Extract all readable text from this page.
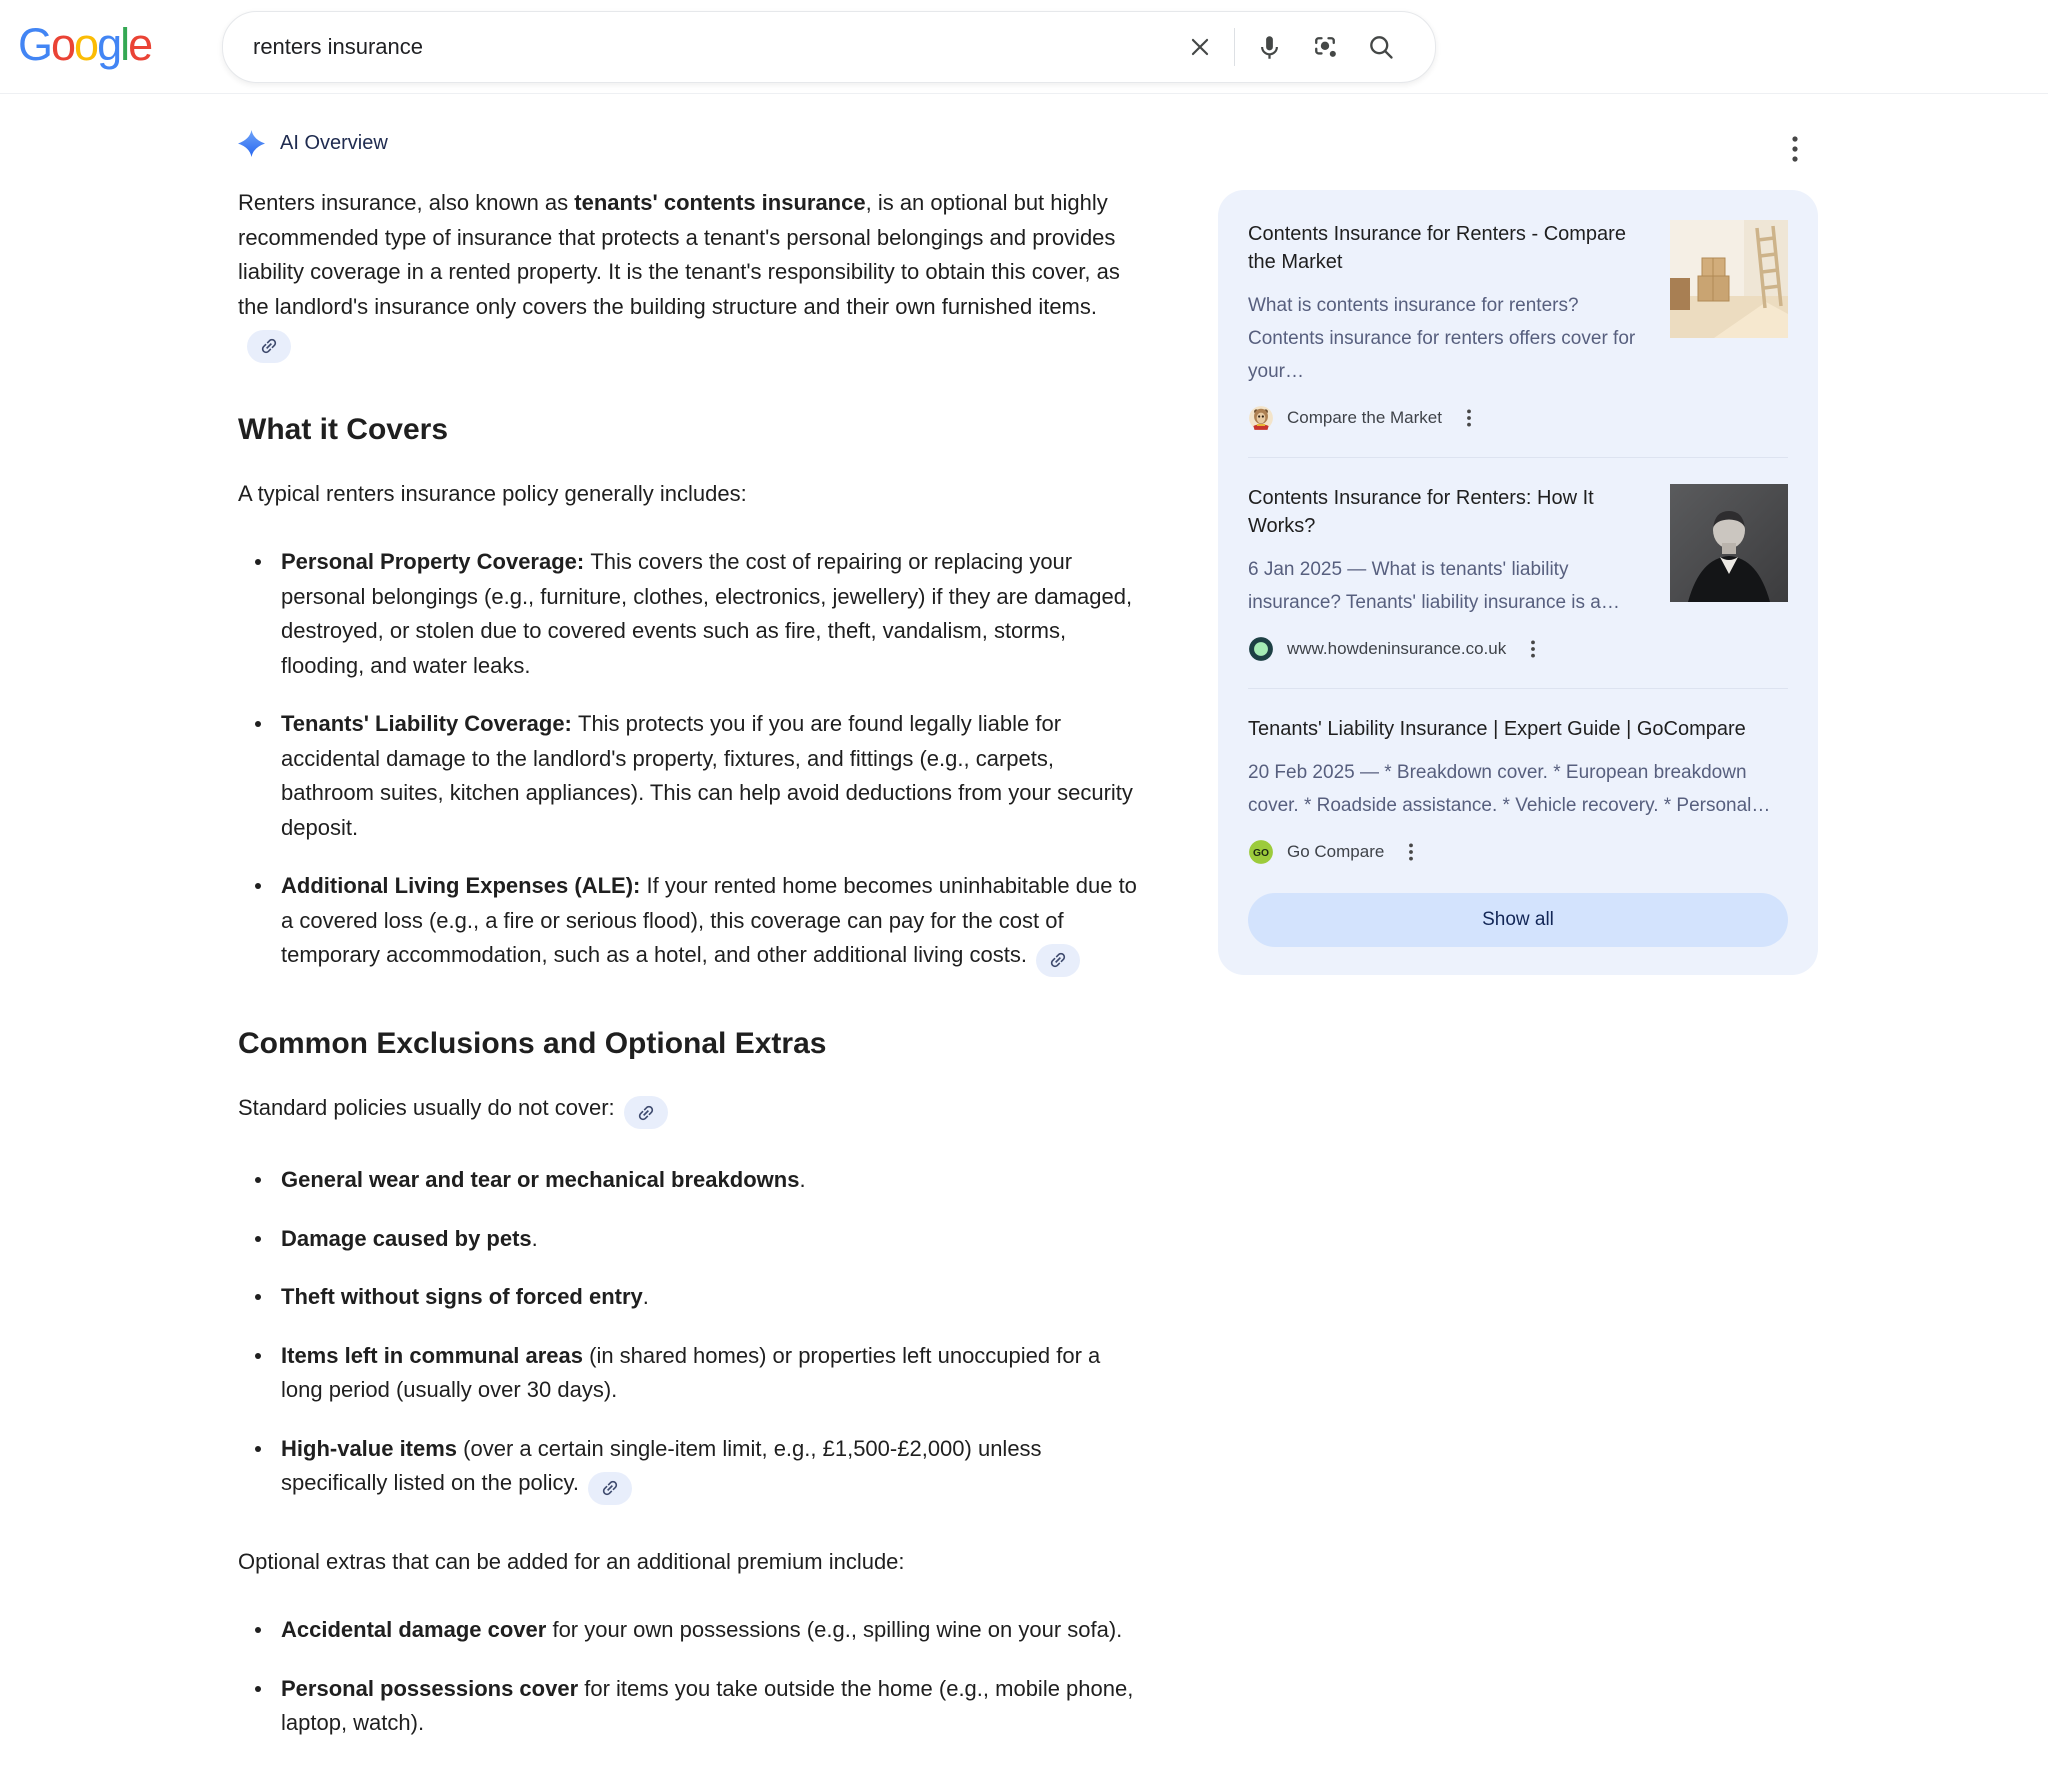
Google
renters insurance
AI Overview

Renters insurance, also known as tenants' contents insurance, is an optional but highly recommended type of insurance that protects a tenant's personal belongings and provides liability coverage in a rented property. It is the tenant's responsibility to obtain this cover, as the landlord's insurance only covers the building structure and their own furnished items.

What it Covers

A typical renters insurance policy generally includes:

Personal Property Coverage: This covers the cost of repairing or replacing your personal belongings (e.g., furniture, clothes, electronics, jewellery) if they are damaged, destroyed, or stolen due to covered events such as fire, theft, vandalism, storms, flooding, and water leaks.
Tenants' Liability Coverage: This protects you if you are found legally liable for accidental damage to the landlord's property, fixtures, and fittings (e.g., carpets, bathroom suites, kitchen appliances). This can help avoid deductions from your security deposit.
Additional Living Expenses (ALE): If your rented home becomes uninhabitable due to a covered loss (e.g., a fire or serious flood), this coverage can pay for the cost of temporary accommodation, such as a hotel, and other additional living costs.
Common Exclusions and Optional Extras

Standard policies usually do not cover:

General wear and tear or mechanical breakdowns.
Damage caused by pets.
Theft without signs of forced entry.
Items left in communal areas (in shared homes) or properties left unoccupied for a long period (usually over 30 days).
High-value items (over a certain single-item limit, e.g., £1,500-£2,000) unless specifically listed on the policy.

Optional extras that can be added for an additional premium include:

Accidental damage cover for your own possessions (e.g., spilling wine on your sofa).
Personal possessions cover for items you take outside the home (e.g., mobile phone, laptop, watch).
Contents Insurance for Renters - Compare the Market
What is contents insurance for renters? Contents insurance for renters offers cover for your…
Compare the Market
Contents Insurance for Renters: How It Works?
6 Jan 2025 — What is tenants' liability insurance? Tenants' liability insurance is a…
www.howdeninsurance.co.uk
Tenants' Liability Insurance | Expert Guide | GoCompare
20 Feb 2025 — * Breakdown cover. * European breakdown cover. * Roadside assistance. * Vehicle recovery. * Personal…
GO Go Compare
Show all
